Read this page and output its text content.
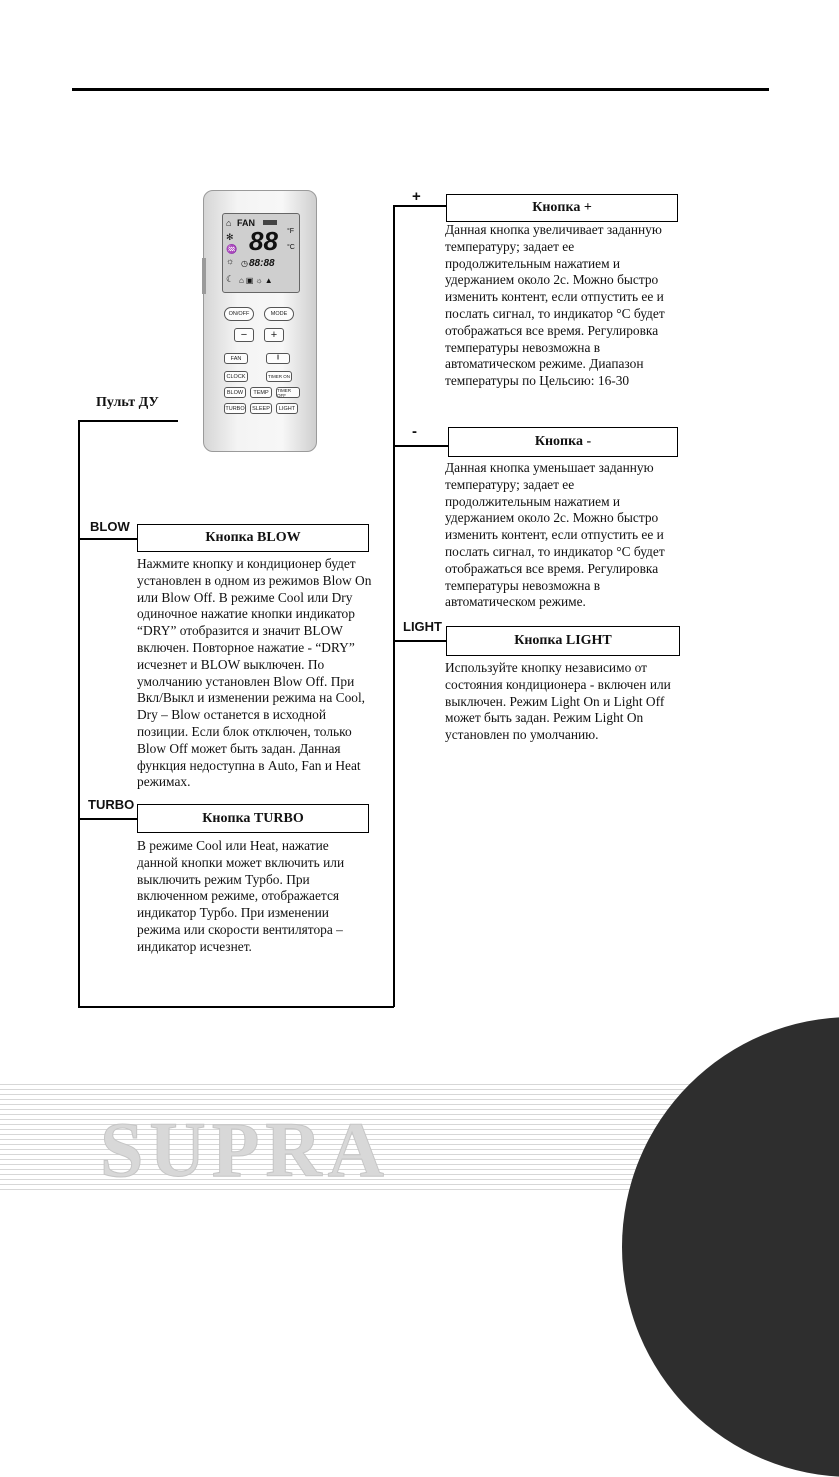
⌂ FAN
✻
♒
☼
☾
88 °F
°C
◷ 88:88
⌂▣☼▲
ON/OFF	MODE
−	+
FAN	⫼
CLOCK	TIMER ON
BLOW	TEMP	TIMER OFF
TURBO	SLEEP	LIGHT
Пульт ДУ
+
Кнопка +

Данная кнопка увеличивает заданную температуру; задает ее продолжительным нажатием и удержанием около 2с. Можно быстро изменить контент, если отпустить ее и послать сигнал, то индикатор °C будет отображаться все время. Регулировка температуры невозможна в автоматическом режиме. Диапазон температуры по Цельсию: 16-30

-
Кнопка -

Данная кнопка уменьшает заданную температуру; задает ее продолжительным нажатием и удержанием около 2с. Можно быстро изменить контент, если отпустить ее и послать сигнал, то индикатор °C будет отображаться все время. Регулировка температуры невозможна в автоматическом режиме.

BLOW
Кнопка BLOW

Нажмите кнопку и кондиционер будет установлен в одном из режимов Blow On или Blow Off. В режиме Cool или Dry одиночное нажатие кнопки индикатор “DRY” отобразится и значит BLOW включен. Повторное нажатие - “DRY” исчезнет и BLOW выключен. По умолчанию установлен Blow Off. При Вкл/Выкл и изменении режима на Cool, Dry – Blow останется в исходной позиции. Если блок отключен, только Blow Off может быть задан. Данная функция недоступна в Auto, Fan и Heat режимах.

LIGHT
Кнопка LIGHT

Используйте кнопку независимо от состояния кондиционера - включен или выключен. Режим Light On и Light Off может быть задан. Режим Light On установлен по умолчанию.

TURBO
Кнопка TURBO

В режиме Cool или Heat, нажатие данной кнопки может включить или выключить режим Турбо. При включенном режиме, отображается индикатор Турбо. При изменении режима или скорости вентилятора – индикатор исчезнет.

SUPRA
